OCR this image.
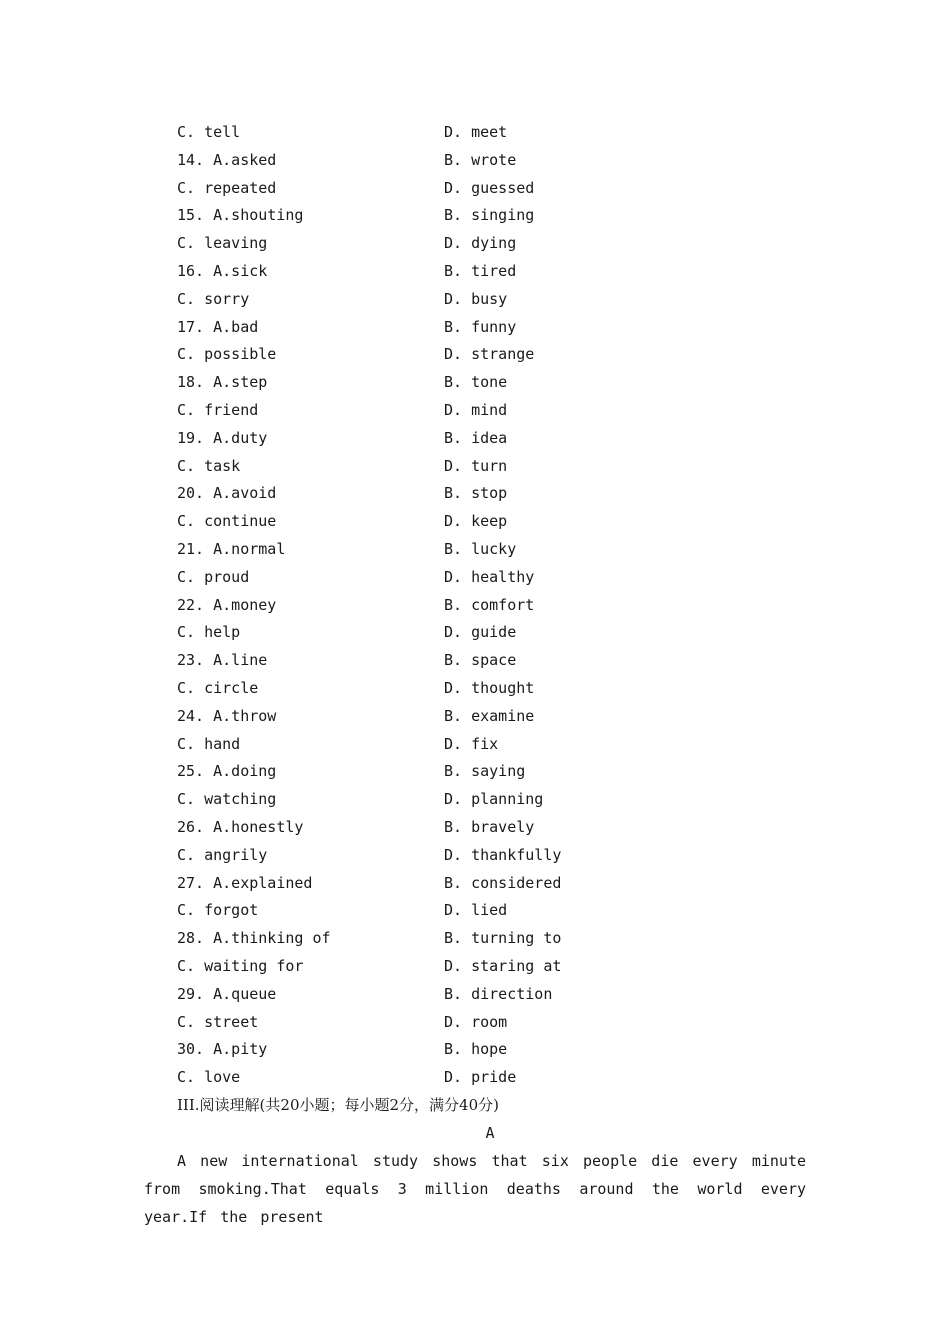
C. tell	D. meet
14. A.asked	B. wrote
C. repeated	D. guessed
15. A.shouting	B. singing
C. leaving	D. dying
16. A.sick	B. tired
C. sorry	D. busy
17. A.bad	B. funny
C. possible	D. strange
18. A.step	B. tone
C. friend	D. mind
19. A.duty	B. idea
C. task	D. turn
20. A.avoid	B. stop
C. continue	D. keep
21. A.normal	B. lucky
C. proud	D. healthy
22. A.money	B. comfort
C. help	D. guide
23. A.line	B. space
C. circle	D. thought
24. A.throw	B. examine
C. hand	D. fix
25. A.doing	B. saying
C. watching	D. planning
26. A.honestly	B. bravely
C. angrily	D. thankfully
27. A.explained	B. considered
C. forgot	D. lied
28. A.thinking of	B. turning to
C. waiting for	D. staring at
29. A.queue	B. direction
C. street	D. room
30. A.pity	B. hope
C. love	D. pride
III.阅读理解(共20小题；每小题2分，满分40分)
A
A new international study shows that six people die every minute from smoking.That equals 3 million deaths around the world every year.If the present
